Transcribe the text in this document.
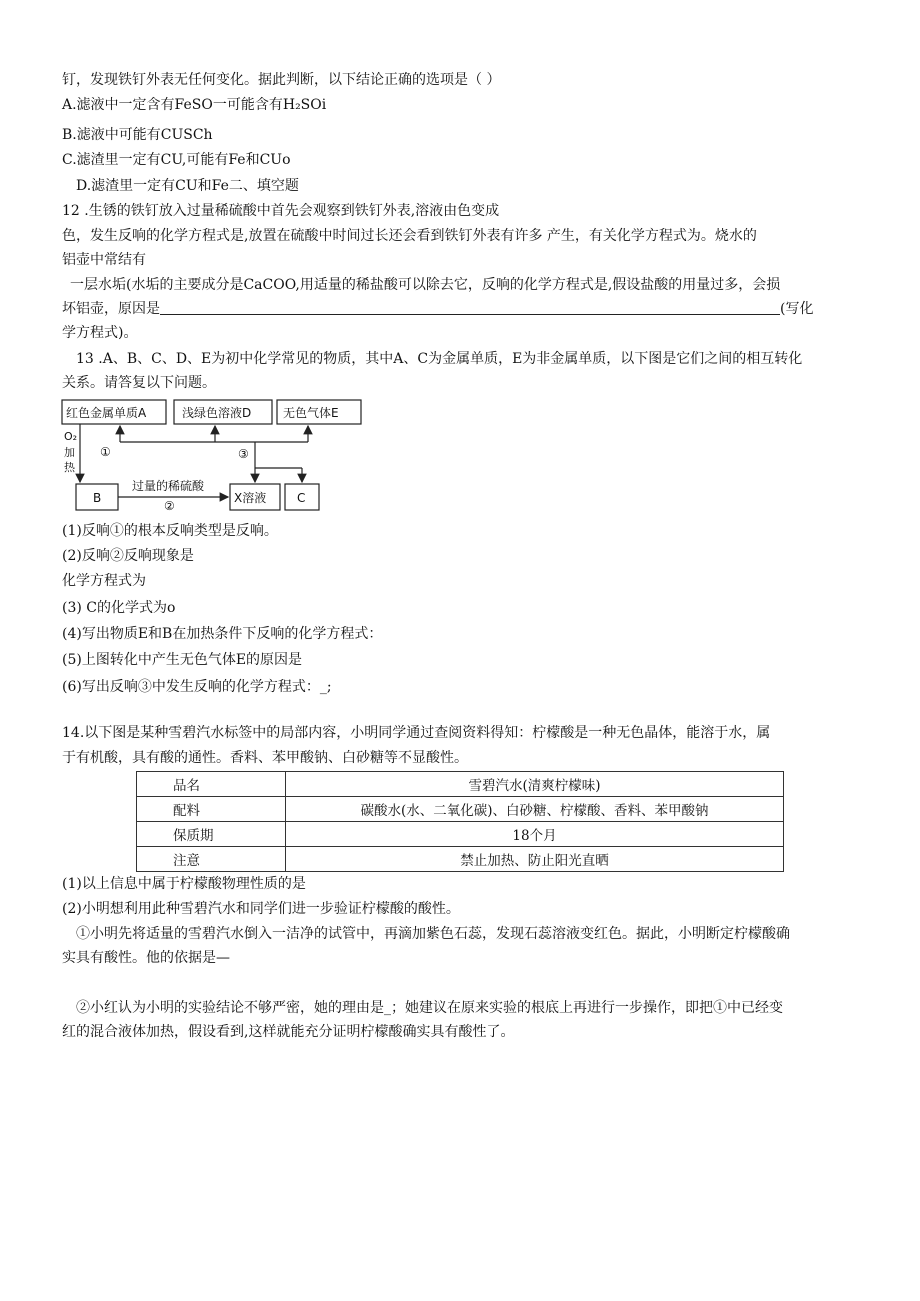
钉，发现铁钉外表无任何变化。据此判断，以下结论正确的选项是（ ）
A.滤液中一定含有FeSO一可能含有H₂SOi
B.滤液中可能有CUSCh
C.滤渣里一定有CU,可能有Fe和CUo
D.滤渣里一定有CU和Fe二、填空题
12 .生锈的铁钉放入过量稀硫酸中首先会观察到铁钉外表,溶液由色变成
色，发生反响的化学方程式是,放置在硫酸中时间过长还会看到铁钉外表有许多 产生，有关化学方程式为。烧水的
铝壶中常结有
一层水垢(水垢的主要成分是CaCOO,用适量的稀盐酸可以除去它，反响的化学方程式是,假设盐酸的用量过多，会损
坏铝壶，原因是	(写化
学方程式)。
13 .A、B、C、D、E为初中化学常见的物质，其中A、C为金属单质，E为非金属单质，以下图是它们之间的相互转化
关系。请答复以下问题。
红色金属单质A	浅绿色溶液D	无色气体E
B	X溶液	C
O₂
加
热
①	③
过量的稀硫酸
②
(1)反响①的根本反响类型是反响。
(2)反响②反响现象是
化学方程式为
(3) C的化学式为o
(4)写出物质E和B在加热条件下反响的化学方程式：
(5)上图转化中产生无色气体E的原因是
(6)写出反响③中发生反响的化学方程式：_;
14.以下图是某种雪碧汽水标签中的局部内容，小明同学通过查阅资料得知：柠檬酸是一种无色晶体，能溶于水，属
于有机酸，具有酸的通性。香料、苯甲酸钠、白砂糖等不显酸性。
品名	雪碧汽水(清爽柠檬味)
配料	碳酸水(水、二氧化碳)、白砂糖、柠檬酸、香料、苯甲酸钠
保质期	18个月
注意	禁止加热、防止阳光直晒
(1)以上信息中属于柠檬酸物理性质的是
(2)小明想利用此种雪碧汽水和同学们进一步验证柠檬酸的酸性。
①小明先将适量的雪碧汽水倒入一洁净的试管中，再滴加紫色石蕊，发现石蕊溶液变红色。据此，小明断定柠檬酸确
实具有酸性。他的依据是—
②小红认为小明的实验结论不够严密，她的理由是_；她建议在原来实验的根底上再进行一步操作，即把①中已经变
红的混合液体加热，假设看到,这样就能充分证明柠檬酸确实具有酸性了。
